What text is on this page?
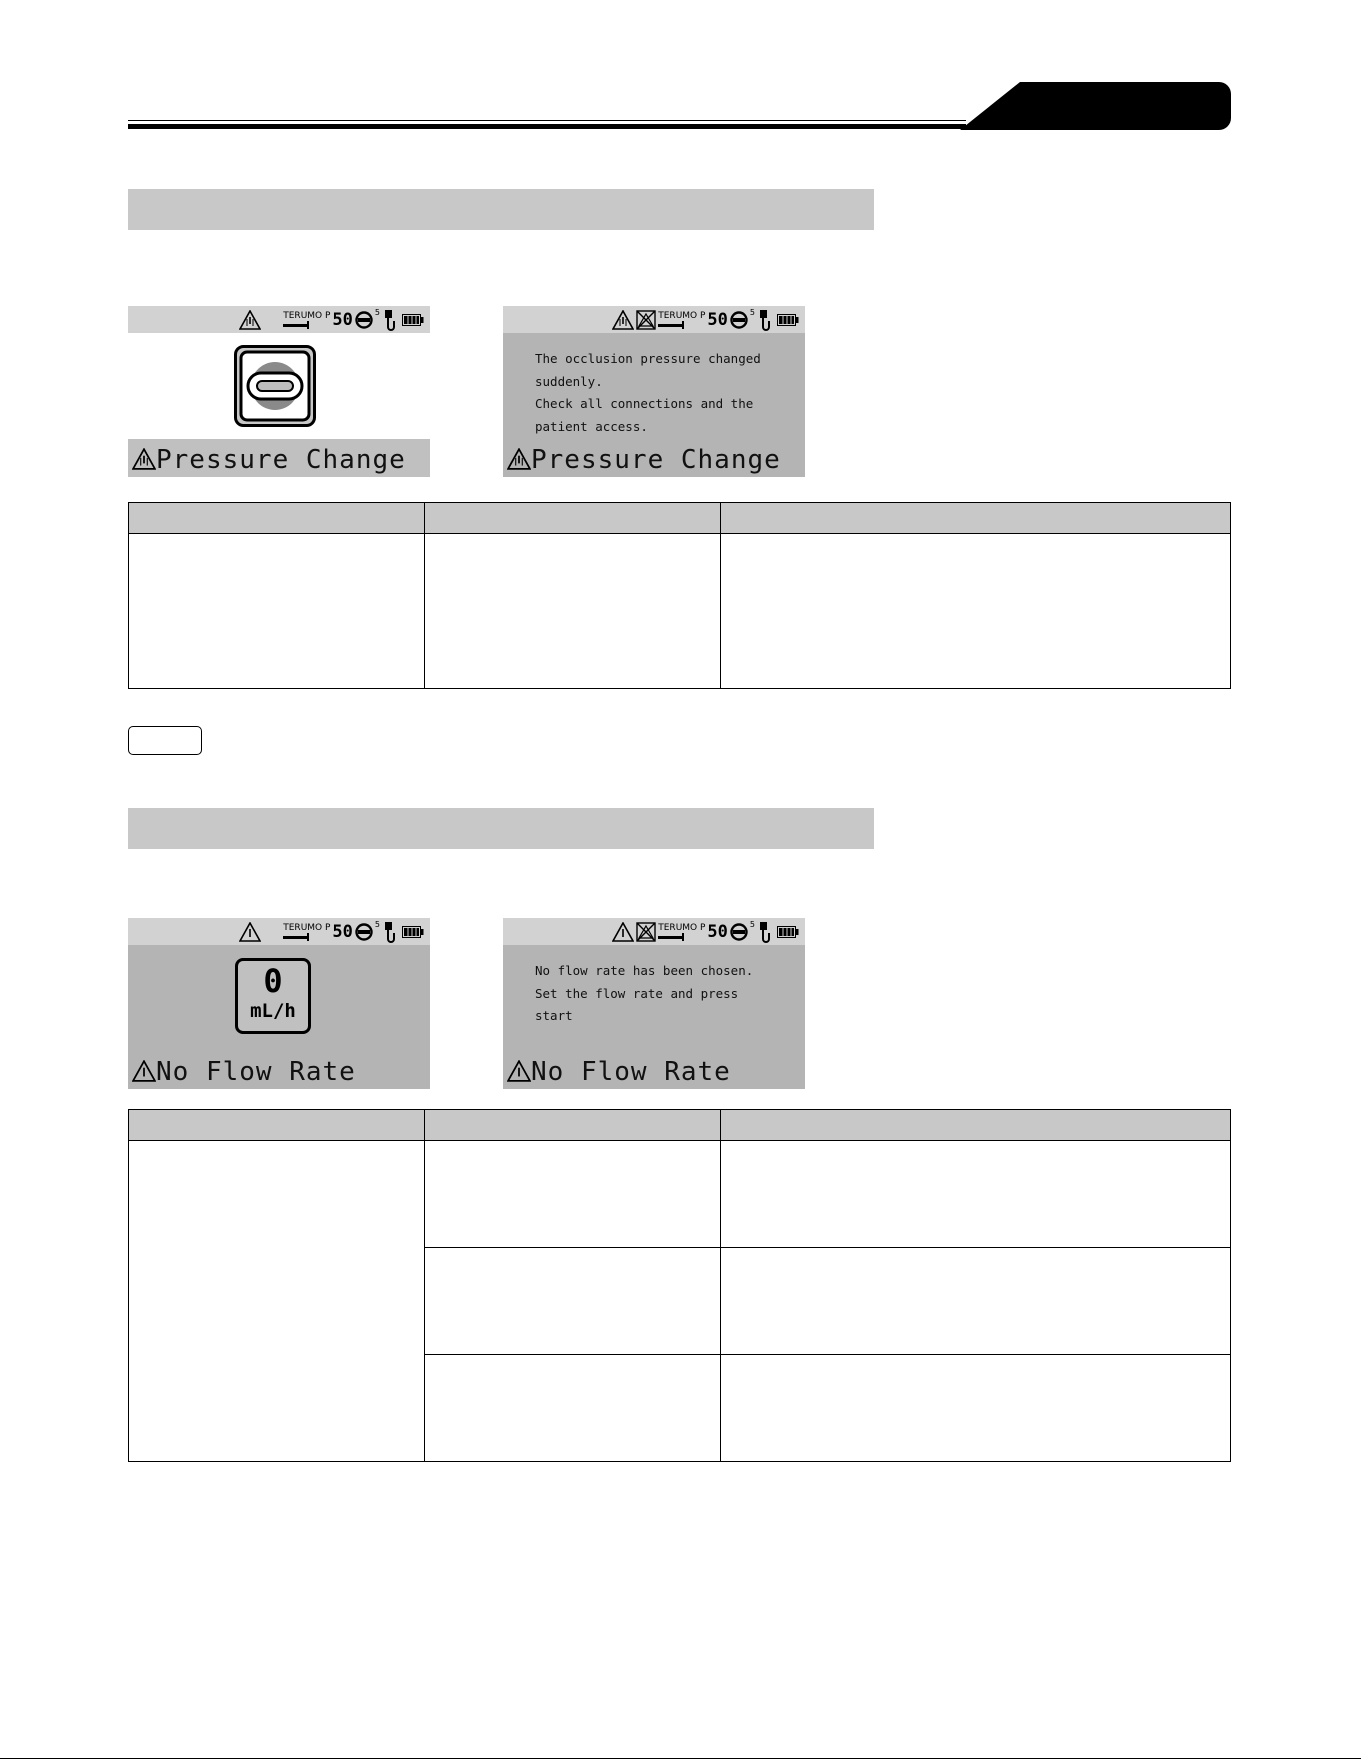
TERUMO P 50	5
Pressure Change
TERUMO P 50	5
The occlusion pressure changed
suddenly.
Check all connections and the
patient access.
Pressure Change

TERUMO P 50	5
0
mL/h
No Flow Rate
TERUMO P 50	5
No flow rate has been chosen.
Set the flow rate and press
start
No Flow Rate
